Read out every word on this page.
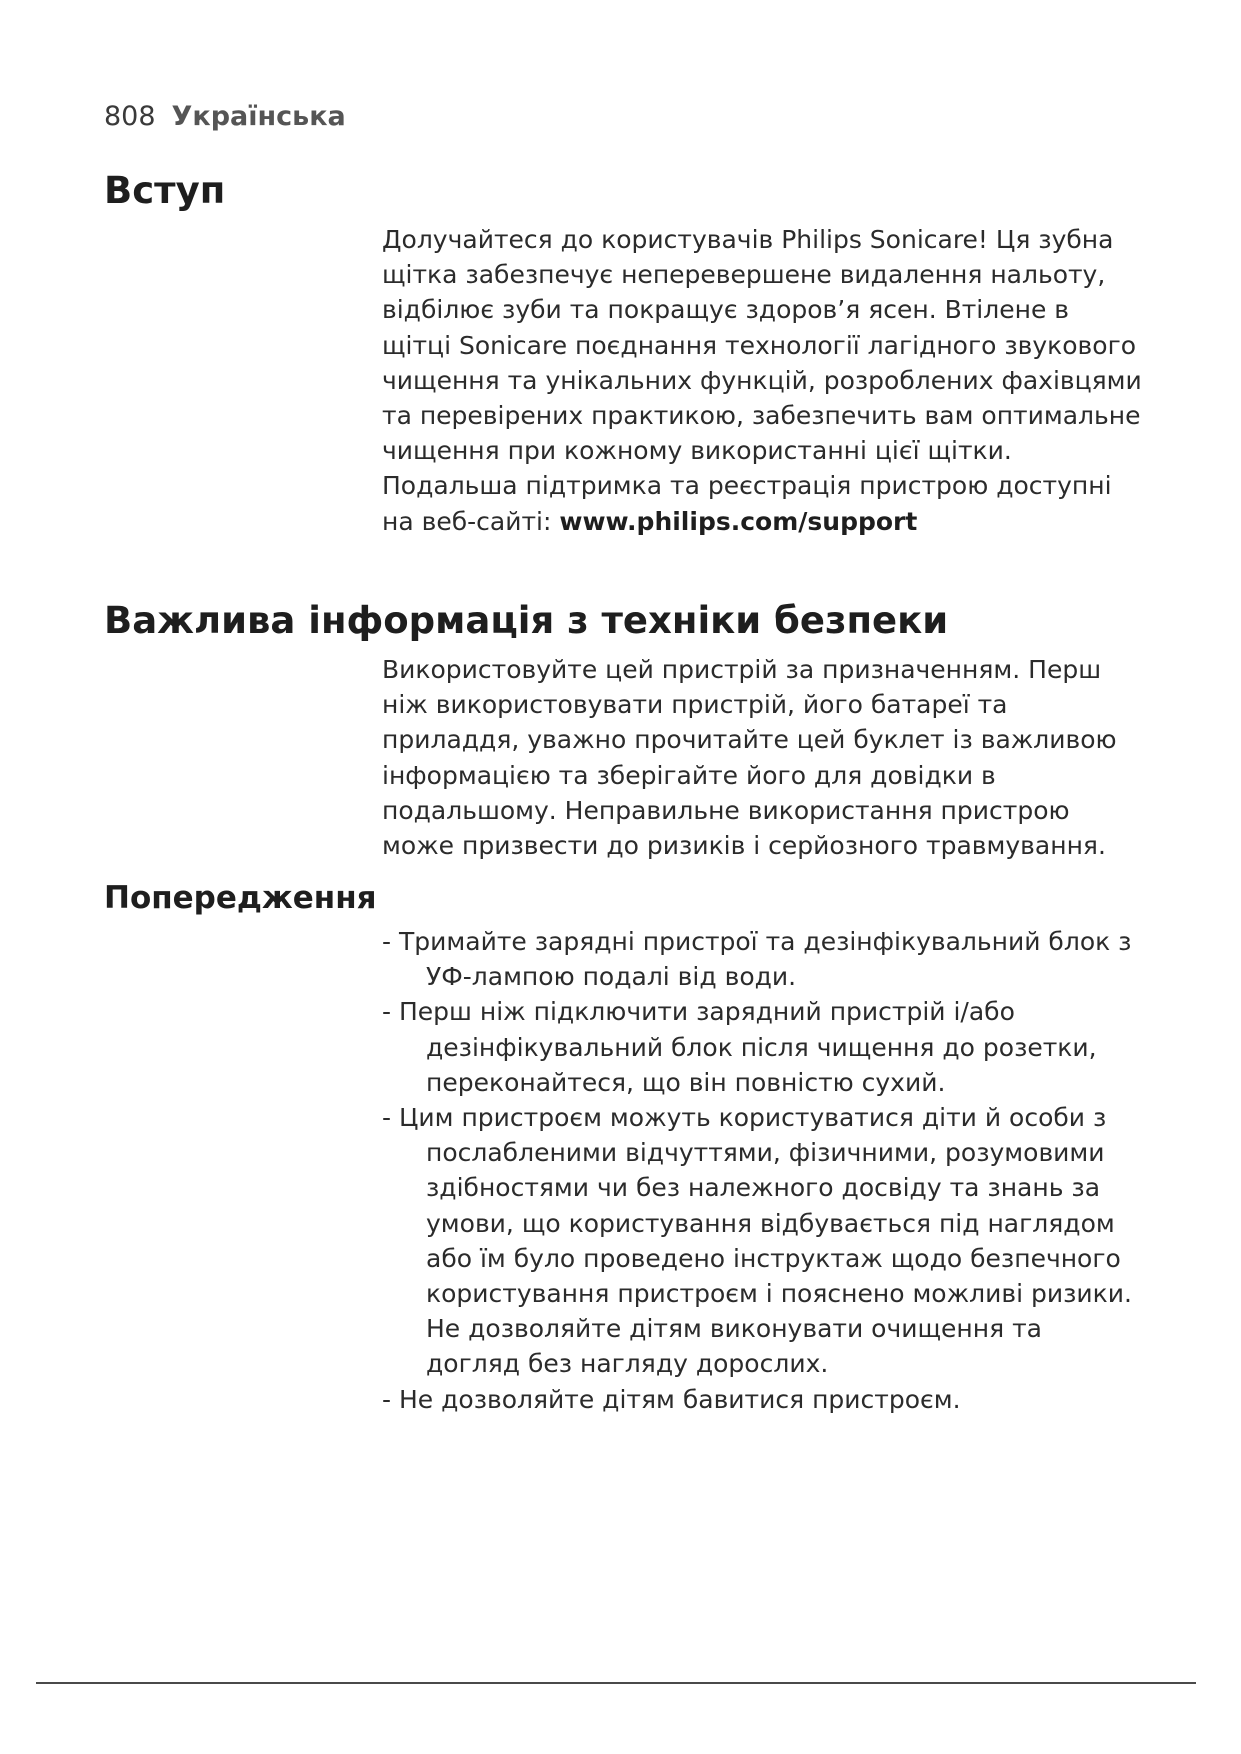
808 Українська
Вступ

Долучайтеся до користувачів Philips Sonicare! Ця зубна щітка забезпечує неперевершене видалення нальоту, відбілює зуби та покращує здоров’я ясен. Втілене в щітці Sonicare поєднання технології лагідного звукового чищення та унікальних функцій, розроблених фахівцями та перевірених практикою, забезпечить вам оптимальне чищення при кожному використанні цієї щітки.

Подальша підтримка та реєстрація пристрою доступні на веб-сайті: www.philips.com/support

Важлива інформація з техніки безпеки

Використовуйте цей пристрій за призначенням. Перш ніж використовувати пристрій, його батареї та приладдя, уважно прочитайте цей буклет із важливою інформацією та зберігайте його для довідки в подальшому. Неправильне використання пристрою може призвести до ризиків і серйозного травмування.

Попередження
- Тримайте зарядні пристрої та дезінфікувальний блок з УФ-лампою подалі від води.
- Перш ніж підключити зарядний пристрій і/або дезінфікувальний блок після чищення до розетки, переконайтеся, що він повністю сухий.
- Цим пристроєм можуть користуватися діти й особи з послабленими відчуттями, фізичними, розумовими здібностями чи без належного досвіду та знань за умови, що користування відбувається під наглядом або їм було проведено інструктаж щодо безпечного користування пристроєм і пояснено можливі ризики. Не дозволяйте дітям виконувати очищення та догляд без нагляду дорослих.
- Не дозволяйте дітям бавитися пристроєм.
